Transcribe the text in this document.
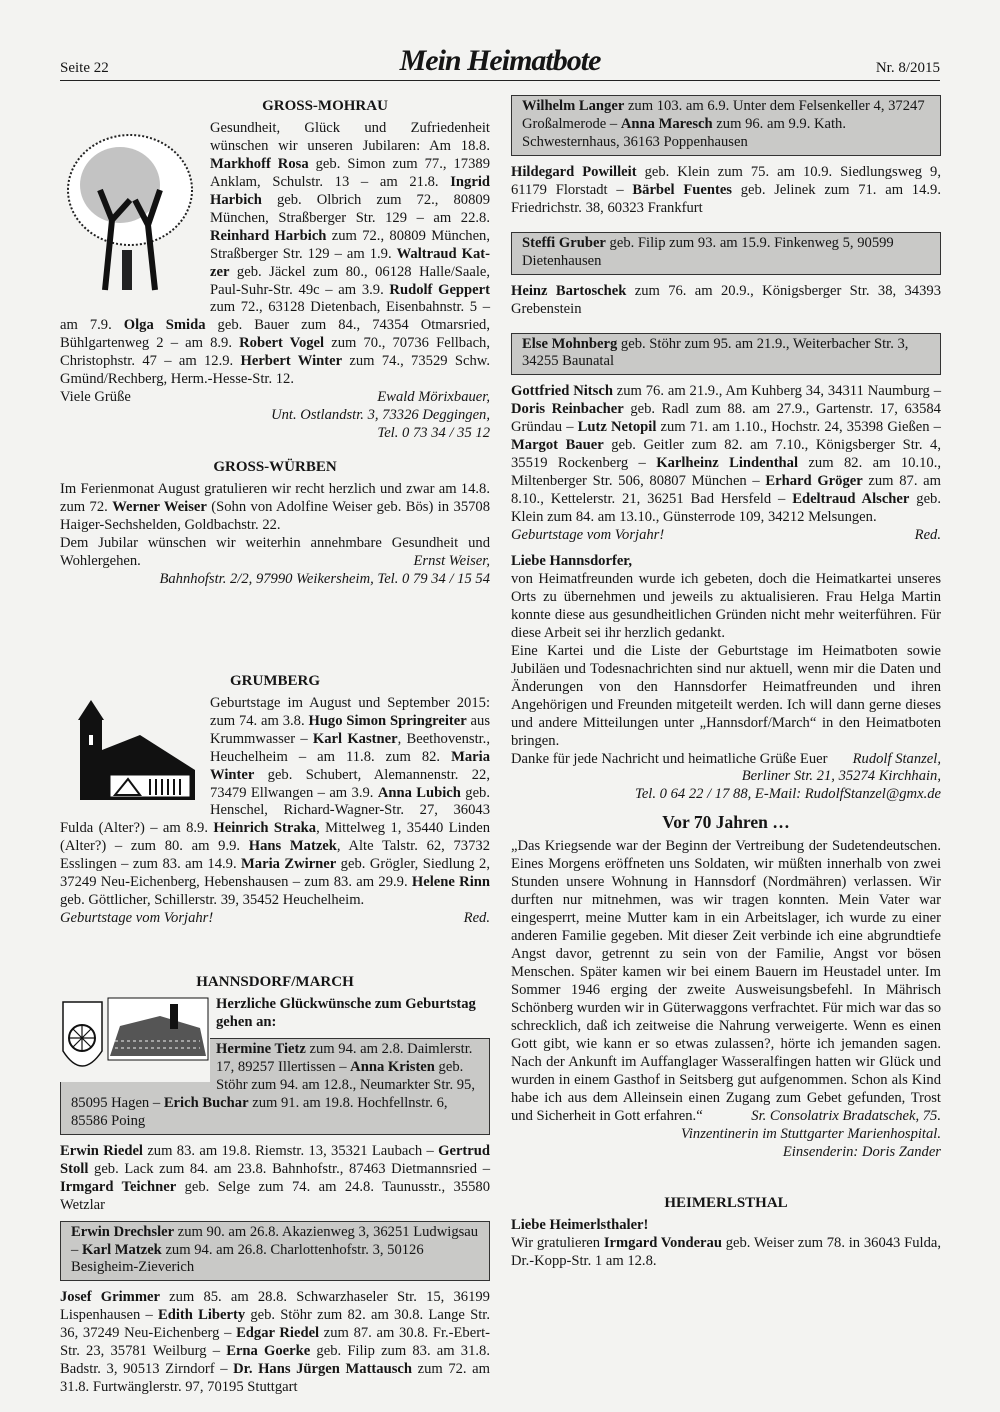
Seite 22	Mein Heimatbote	Nr. 8/2015

GROSS-MOHRAU

Gesundheit, Glück und Zufriedenheit wünschen wir unseren Jubilaren: Am 18.8. Markhoff Rosa geb. Simon zum 77., 17389 Anklam, Schulstr. 13 – am 21.8. Ingrid Harbich geb. Olbrich zum 72., 80809 München, Straßberger Str. 129 – am 22.8. Reinhard Harbich zum 72., 80809 München, Straßberger Str. 129 – am 1.9. Waltraud Katzer geb. Jäckel zum 80., 06128 Halle/Saale, Paul-Suhr-Str. 49c – am 3.9. Rudolf Geppert zum 72., 63128 Dietenbach, Eisenbahnstr. 5 – am 7.9. Olga Smida geb. Bauer zum 84., 74354 Otmarsried, Bühlgartenweg 2 – am 8.9. Robert Vogel zum 70., 70736 Fellbach, Christophstr. 47 – am 12.9. Herbert Winter zum 74., 73529 Schw. Gmünd/Rechberg, Herm.-Hesse-Str. 12.

Viele Grüße	Ewald Mörixbauer,

Unt. Ostlandstr. 3, 73326 Deggingen,

Tel. 0 73 34 / 35 12

GROSS-WÜRBEN

Im Ferienmonat August gratulieren wir recht herzlich und zwar am 14.8. zum 72. Werner Weiser (Sohn von Adolfine Weiser geb. Bös) in 35708 Haiger-Sechshelden, Goldbachstr. 22.

Dem Jubilar wünschen wir weiterhin annehmbare Gesundheit und Wohlergehen.	Ernst Weiser,

Bahnhofstr. 2/2, 97990 Weikersheim, Tel. 0 79 34 / 15 54

GRUMBERG

Geburtstage im August und September 2015: zum 74. am 3.8. Hugo Simon Springreiter aus Krummwasser – Karl Kastner, Beethovenstr., Heuchelheim – am 11.8. zum 82. Maria Winter geb. Schubert, Alemannenstr. 22, 73479 Ellwangen – am 3.9. Anna Lubich geb. Henschel, Richard-Wagner-Str. 27, 36043 Fulda (Alter?) – am 8.9. Heinrich Straka, Mittelweg 1, 35440 Linden (Alter?) – zum 80. am 9.9. Hans Matzek, Alte Talstr. 62, 73732 Esslingen – zum 83. am 14.9. Maria Zwirner geb. Grögler, Siedlung 2, 37249 Neu-Eichenberg, Hebenshausen – zum 83. am 29.9. Helene Rinn geb. Göttlicher, Schillerstr. 39, 35452 Heuchelheim.

Geburtstage vom Vorjahr!	Red.

HANNSDORF/MARCH

Herzliche Glückwünsche zum Geburtstag gehen an:

Hermine Tietz zum 94. am 2.8. Daimlerstr. 17, 89257 Illertissen – Anna Kristen geb. Stöhr zum 94. am 12.8., Neumarkter Str. 95, 85095 Hagen – Erich Buchar zum 91. am 19.8. Hochfellnstr. 6, 85586 Poing

Erwin Riedel zum 83. am 19.8. Riemstr. 13, 35321 Laubach – Gertrud Stoll geb. Lack zum 84. am 23.8. Bahnhofstr., 87463 Dietmannsried – Irmgard Teichner geb. Selge zum 74. am 24.8. Taunusstr., 35580 Wetzlar

Erwin Drechsler zum 90. am 26.8. Akazienweg 3, 36251 Ludwigsau – Karl Matzek zum 94. am 26.8. Charlottenhofstr. 3, 50126 Besigheim-Zieverich

Josef Grimmer zum 85. am 28.8. Schwarzhaseler Str. 15, 36199 Lispenhausen – Edith Liberty geb. Stöhr zum 82. am 30.8. Lange Str. 36, 37249 Neu-Eichenberg – Edgar Riedel zum 87. am 30.8. Fr.-Ebert-Str. 23, 35781 Weilburg – Erna Goerke geb. Filip zum 83. am 31.8. Badstr. 3, 90513 Zirndorf – Dr. Hans Jürgen Mattausch zum 72. am 31.8. Furtwänglerstr. 97, 70195 Stuttgart

Wilhelm Langer zum 103. am 6.9. Unter dem Felsenkeller 4, 37247 Großalmerode – Anna Maresch zum 96. am 9.9. Kath. Schwesternhaus, 36163 Poppenhausen

Hildegard Powilleit geb. Klein zum 75. am 10.9. Siedlungsweg 9, 61179 Florstadt – Bärbel Fuentes geb. Jelinek zum 71. am 14.9. Friedrichstr. 38, 60323 Frankfurt

Steffi Gruber geb. Filip zum 93. am 15.9. Finkenweg 5, 90599 Dietenhausen

Heinz Bartoschek zum 76. am 20.9., Königsberger Str. 38, 34393 Grebenstein

Else Mohnberg geb. Stöhr zum 95. am 21.9., Weiterbacher Str. 3, 34255 Baunatal

Gottfried Nitsch zum 76. am 21.9., Am Kuhberg 34, 34311 Naumburg – Doris Reinbacher geb. Radl zum 88. am 27.9., Gartenstr. 17, 63584 Gründau – Lutz Netopil zum 71. am 1.10., Hochstr. 24, 35398 Gießen – Margot Bauer geb. Geitler zum 82. am 7.10., Königsberger Str. 4, 35519 Rockenberg – Karlheinz Lindenthal zum 82. am 10.10., Miltenberger Str. 506, 80807 München – Erhard Gröger zum 87. am 8.10., Kettelerstr. 21, 36251 Bad Hersfeld – Edeltraud Alscher geb. Klein zum 84. am 13.10., Günsterrode 109, 34212 Melsungen.

Geburtstage vom Vorjahr!	Red.

Liebe Hannsdorfer,

von Heimatfreunden wurde ich gebeten, doch die Heimatkartei unseres Orts zu übernehmen und jeweils zu aktualisieren. Frau Helga Martin konnte diese aus gesundheitlichen Gründen nicht mehr weiterführen. Für diese Arbeit sei ihr herzlich gedankt.

Eine Kartei und die Liste der Geburtstage im Heimatboten sowie Jubiläen und Todesnachrichten sind nur aktuell, wenn mir die Daten und Änderungen von den Hannsdorfer Heimatfreunden und ihren Angehörigen und Freunden mitgeteilt werden. Ich will dann gerne dieses und andere Mitteilungen unter „Hannsdorf/March“ in den Heimatboten bringen.

Danke für jede Nachricht und heimatliche Grüße Euer Rudolf Stanzel,

Berliner Str. 21, 35274 Kirchhain,

Tel. 0 64 22 / 17 88, E-Mail: RudolfStanzel@gmx.de

Vor 70 Jahren …

„Das Kriegsende war der Beginn der Vertreibung der Sudetendeutschen. Eines Morgens eröffneten uns Soldaten, wir müßten innerhalb von zwei Stunden unsere Wohnung in Hannsdorf (Nordmähren) verlassen. Wir durften nur mitnehmen, was wir tragen konnten. Mein Vater war eingesperrt, meine Mutter kam in ein Arbeitslager, ich wurde zu einer anderen Familie gegeben. Mit dieser Zeit verbinde ich eine abgrundtiefe Angst davor, getrennt zu sein von der Familie, Angst vor bösen Menschen. Später kamen wir bei einem Bauern im Heustadel unter. Im Sommer 1946 erging der zweite Ausweisungsbefehl. In Mährisch Schönberg wurden wir in Güterwaggons verfrachtet. Für mich war das so schrecklich, daß ich zeitweise die Nahrung verweigerte. Wenn es einen Gott gibt, wie kann er so etwas zulassen?, hörte ich jemanden sagen. Nach der Ankunft im Auffanglager Wasseralfingen hatten wir Glück und wurden in einem Gasthof in Seitsberg gut aufgenommen. Schon als Kind habe ich aus dem Alleinsein einen Zugang zum Gebet gefunden, Trost und Sicherheit in Gott erfahren.“	Sr. Consolatrix Bradatschek, 75.

Vinzentinerin im Stuttgarter Marienhospital.

Einsenderin: Doris Zander

HEIMERLSTHAL

Liebe Heimerlsthaler!

Wir gratulieren Irmgard Vonderau geb. Weiser zum 78. in 36043 Fulda, Dr.-Kopp-Str. 1 am 12.8.
